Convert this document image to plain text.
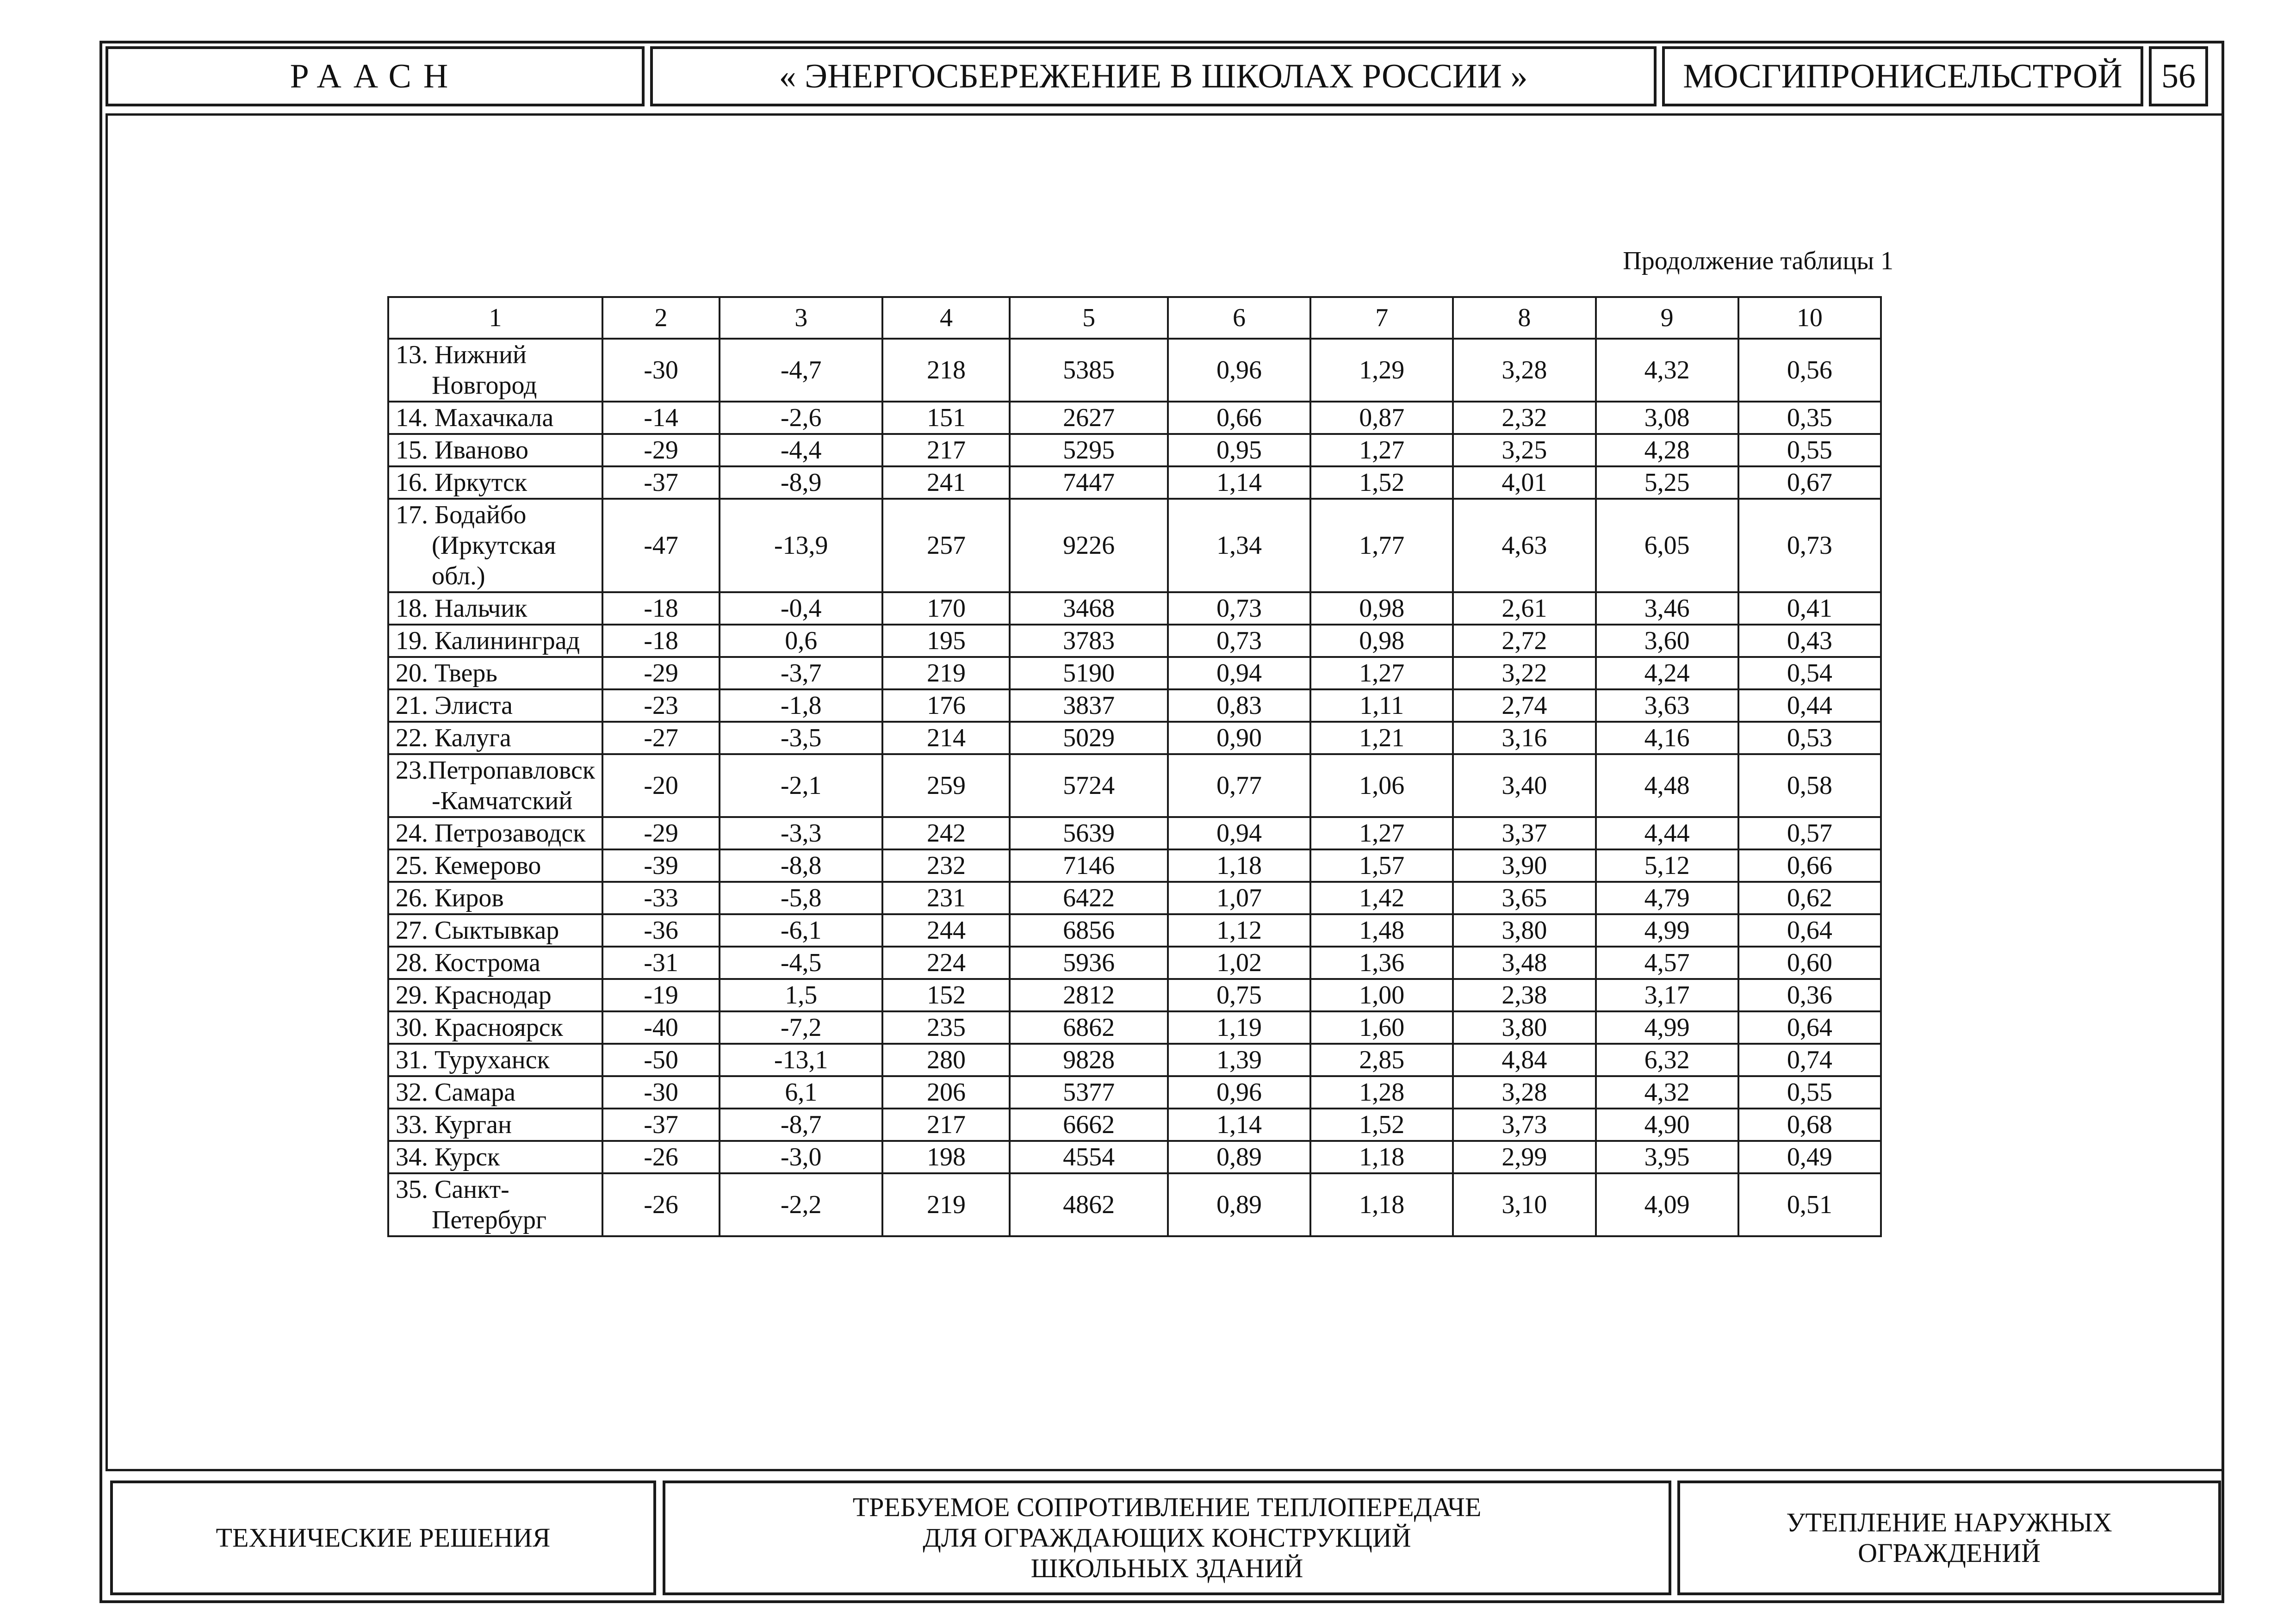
РААСН	« ЭНЕРГОСБЕРЕЖЕНИЕ В ШКОЛАХ РОССИИ »	МОСГИПРОНИСЕЛЬСТРОЙ	56
Продолжение таблицы 1
1	2	3	4	5	6	7	8	9	10

13. Нижний
Новгород	-30	-4,7	218	5385	0,96	1,29	3,28	4,32	0,56

14. Махачкала	-14	-2,6	151	2627	0,66	0,87	2,32	3,08	0,35

15. Иваново	-29	-4,4	217	5295	0,95	1,27	3,25	4,28	0,55

16. Иркутск	-37	-8,9	241	7447	1,14	1,52	4,01	5,25	0,67

17. Бодайбо
(Иркутская обл.)	-47	-13,9	257	9226	1,34	1,77	4,63	6,05	0,73

18. Нальчик	-18	-0,4	170	3468	0,73	0,98	2,61	3,46	0,41

19. Калининград	-18	0,6	195	3783	0,73	0,98	2,72	3,60	0,43

20. Тверь	-29	-3,7	219	5190	0,94	1,27	3,22	4,24	0,54

21. Элиста	-23	-1,8	176	3837	0,83	1,11	2,74	3,63	0,44

22. Калуга	-27	-3,5	214	5029	0,90	1,21	3,16	4,16	0,53

23.Петропавловск
-Камчатский	-20	-2,1	259	5724	0,77	1,06	3,40	4,48	0,58

24. Петрозаводск	-29	-3,3	242	5639	0,94	1,27	3,37	4,44	0,57

25. Кемерово	-39	-8,8	232	7146	1,18	1,57	3,90	5,12	0,66

26. Киров	-33	-5,8	231	6422	1,07	1,42	3,65	4,79	0,62

27. Сыктывкар	-36	-6,1	244	6856	1,12	1,48	3,80	4,99	0,64

28. Кострома	-31	-4,5	224	5936	1,02	1,36	3,48	4,57	0,60

29. Краснодар	-19	1,5	152	2812	0,75	1,00	2,38	3,17	0,36

30. Красноярск	-40	-7,2	235	6862	1,19	1,60	3,80	4,99	0,64

31. Туруханск	-50	-13,1	280	9828	1,39	2,85	4,84	6,32	0,74

32. Самара	-30	6,1	206	5377	0,96	1,28	3,28	4,32	0,55

33. Курган	-37	-8,7	217	6662	1,14	1,52	3,73	4,90	0,68

34. Курск	-26	-3,0	198	4554	0,89	1,18	2,99	3,95	0,49

35. Санкт-
Петербург	-26	-2,2	219	4862	0,89	1,18	3,10	4,09	0,51
ТЕХНИЧЕСКИЕ РЕШЕНИЯ
ТРЕБУЕМОЕ СОПРОТИВЛЕНИЕ ТЕПЛОПЕРЕДАЧЕ
ДЛЯ ОГРАЖДАЮЩИХ КОНСТРУКЦИЙ
ШКОЛЬНЫХ ЗДАНИЙ
УТЕПЛЕНИЕ НАРУЖНЫХ
ОГРАЖДЕНИЙ
